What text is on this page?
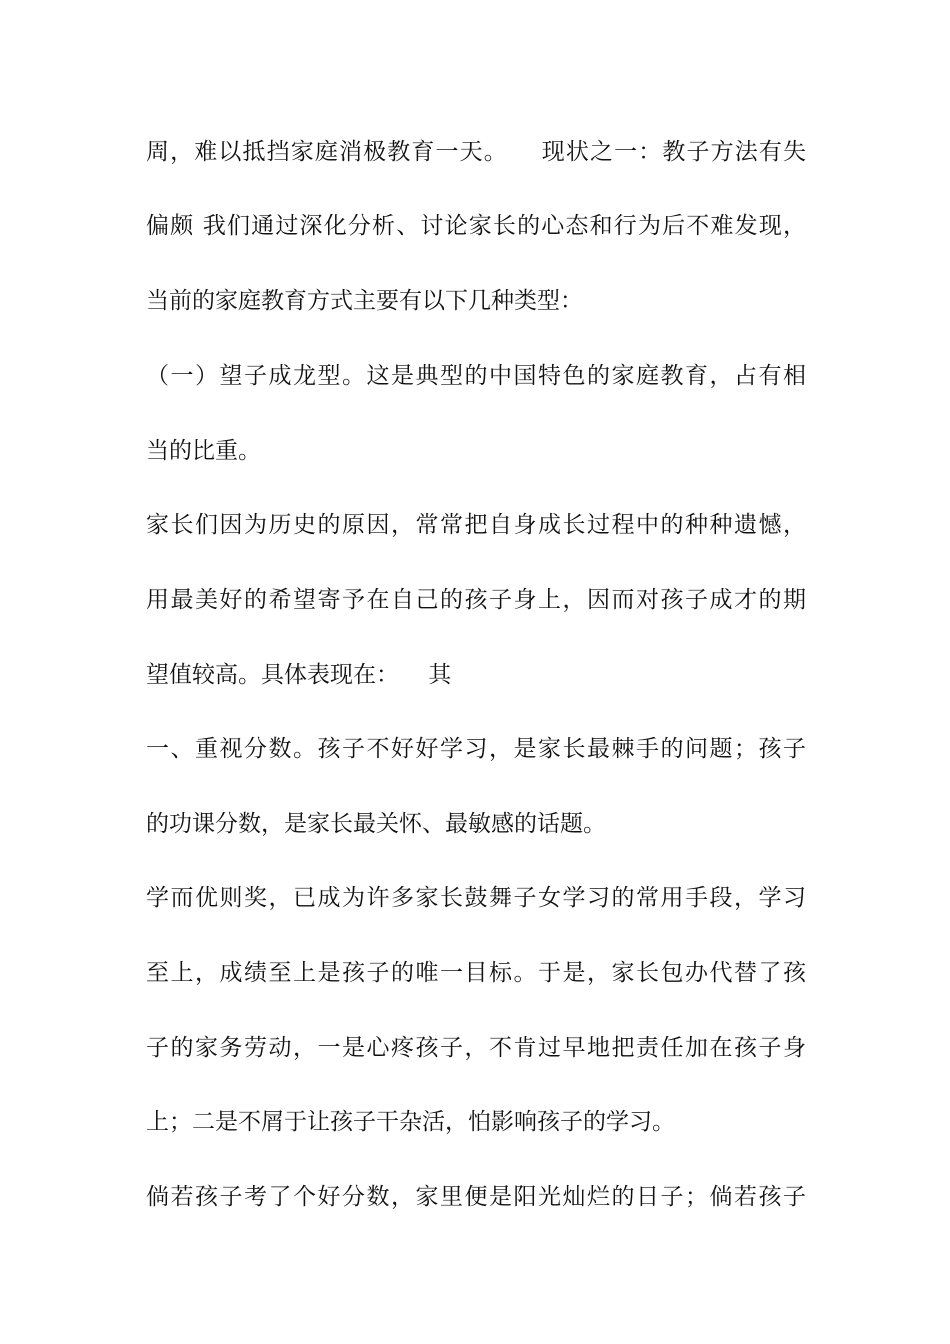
周，难以抵挡家庭消极教育一天。    现状之一：教子方法有失
偏颇 我们通过深化分析、讨论家长的心态和行为后不难发现，
当前的家庭教育方式主要有以下几种类型：
（一）望子成龙型。这是典型的中国特色的家庭教育，占有相
当的比重。
家长们因为历史的原因，常常把自身成长过程中的种种遗憾，
用最美好的希望寄予在自己的孩子身上，因而对孩子成才的期
望值较高。具体表现在：    其
一、重视分数。孩子不好好学习，是家长最棘手的问题；孩子
的功课分数，是家长最关怀、最敏感的话题。
学而优则奖，已成为许多家长鼓舞子女学习的常用手段，学习
至上，成绩至上是孩子的唯一目标。于是，家长包办代替了孩
子的家务劳动，一是心疼孩子，不肯过早地把责任加在孩子身
上；二是不屑于让孩子干杂活，怕影响孩子的学习。
倘若孩子考了个好分数，家里便是阳光灿烂的日子；倘若孩子
